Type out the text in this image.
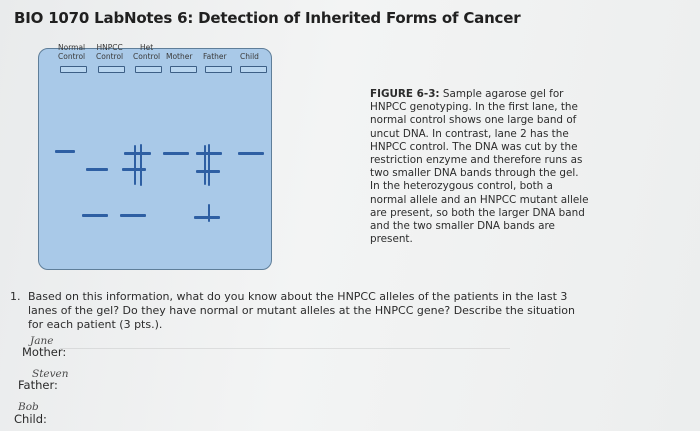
BIO 1070 LabNotes 6: Detection of Inherited Forms of Cancer
Normal
Control
HNPCC
Control
Het
Control
Mother
Father
Child
FIGURE 6-3: Sample agarose gel for HNPCC genotyping. In the first lane, the normal control shows one large band of uncut DNA. In contrast, lane 2 has the HNPCC control. The DNA was cut by the restriction enzyme and therefore runs as two smaller DNA bands through the gel. In the heterozygous control, both a normal allele and an HNPCC mutant allele are present, so both the larger DNA band and the two smaller DNA bands are present.
1. Based on this information, what do you know about the HNPCC alleles of the patients in the last 3 lanes of the gel? Do they have normal or mutant alleles at the HNPCC gene? Describe the situation for each patient (3 pts.).
Jane
Mother:
Steven
Father:
Bob
Child:
